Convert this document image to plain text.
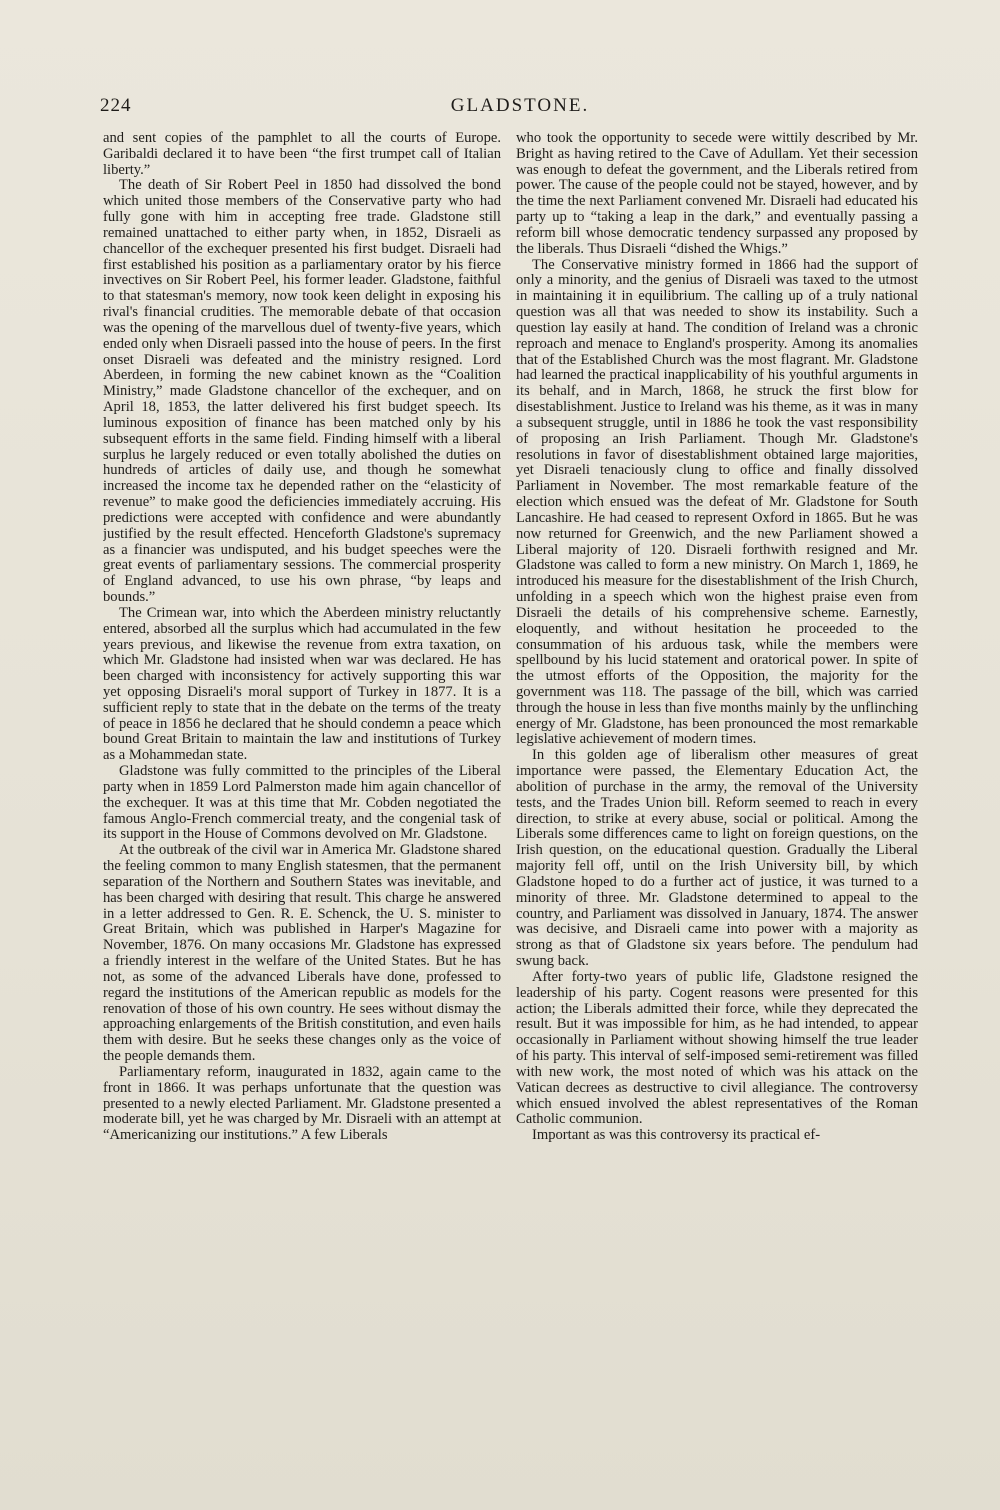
224	GLADSTONE.

and sent copies of the pamphlet to all the courts of Europe. Garibaldi declared it to have been “the first trumpet call of Italian liberty.”

The death of Sir Robert Peel in 1850 had dissolved the bond which united those members of the Conservative party who had fully gone with him in accepting free trade. Gladstone still remained unattached to either party when, in 1852, Disraeli as chancellor of the exchequer presented his first budget. Disraeli had first established his position as a parliamentary orator by his fierce invectives on Sir Robert Peel, his former leader. Gladstone, faithful to that statesman's memory, now took keen delight in exposing his rival's financial crudities. The memorable debate of that occasion was the opening of the marvellous duel of twenty-five years, which ended only when Disraeli passed into the house of peers. In the first onset Disraeli was defeated and the ministry resigned. Lord Aberdeen, in forming the new cabinet known as the “Coalition Ministry,” made Gladstone chancellor of the exchequer, and on April 18, 1853, the latter delivered his first budget speech. Its luminous exposition of finance has been matched only by his subsequent efforts in the same field. Finding himself with a liberal surplus he largely reduced or even totally abolished the duties on hundreds of articles of daily use, and though he somewhat increased the income tax he depended rather on the “elasticity of revenue” to make good the deficiencies immediately accruing. His predictions were accepted with confidence and were abundantly justified by the result effected. Henceforth Gladstone's supremacy as a financier was undisputed, and his budget speeches were the great events of parliamentary sessions. The commercial prosperity of England advanced, to use his own phrase, “by leaps and bounds.”

The Crimean war, into which the Aberdeen ministry reluctantly entered, absorbed all the surplus which had accumulated in the few years previous, and likewise the revenue from extra taxation, on which Mr. Gladstone had insisted when war was declared. He has been charged with inconsistency for actively supporting this war yet opposing Disraeli's moral support of Turkey in 1877. It is a sufficient reply to state that in the debate on the terms of the treaty of peace in 1856 he declared that he should condemn a peace which bound Great Britain to maintain the law and institutions of Turkey as a Mohammedan state.

Gladstone was fully committed to the principles of the Liberal party when in 1859 Lord Palmerston made him again chancellor of the exchequer. It was at this time that Mr. Cobden negotiated the famous Anglo-French commercial treaty, and the congenial task of its support in the House of Commons devolved on Mr. Gladstone.

At the outbreak of the civil war in America Mr. Gladstone shared the feeling common to many English statesmen, that the permanent separation of the Northern and Southern States was inevitable, and has been charged with desiring that result. This charge he answered in a letter addressed to Gen. R. E. Schenck, the U. S. minister to Great Britain, which was published in Harper's Magazine for November, 1876. On many occasions Mr. Gladstone has expressed a friendly interest in the welfare of the United States. But he has not, as some of the advanced Liberals have done, professed to regard the institutions of the American republic as models for the renovation of those of his own country. He sees without dismay the approaching enlargements of the British constitution, and even hails them with desire. But he seeks these changes only as the voice of the people demands them.

Parliamentary reform, inaugurated in 1832, again came to the front in 1866. It was perhaps unfortunate that the question was presented to a newly elected Parliament. Mr. Gladstone presented a moderate bill, yet he was charged by Mr. Disraeli with an attempt at “Americanizing our institutions.” A few Liberals

who took the opportunity to secede were wittily described by Mr. Bright as having retired to the Cave of Adullam. Yet their secession was enough to defeat the government, and the Liberals retired from power. The cause of the people could not be stayed, however, and by the time the next Parliament convened Mr. Disraeli had educated his party up to “taking a leap in the dark,” and eventually passing a reform bill whose democratic tendency surpassed any proposed by the liberals. Thus Disraeli “dished the Whigs.”

The Conservative ministry formed in 1866 had the support of only a minority, and the genius of Disraeli was taxed to the utmost in maintaining it in equilibrium. The calling up of a truly national question was all that was needed to show its instability. Such a question lay easily at hand. The condition of Ireland was a chronic reproach and menace to England's prosperity. Among its anomalies that of the Established Church was the most flagrant. Mr. Gladstone had learned the practical inapplicability of his youthful arguments in its behalf, and in March, 1868, he struck the first blow for disestablishment. Justice to Ireland was his theme, as it was in many a subsequent struggle, until in 1886 he took the vast responsibility of proposing an Irish Parliament. Though Mr. Gladstone's resolutions in favor of disestablishment obtained large majorities, yet Disraeli tenaciously clung to office and finally dissolved Parliament in November. The most remarkable feature of the election which ensued was the defeat of Mr. Gladstone for South Lancashire. He had ceased to represent Oxford in 1865. But he was now returned for Greenwich, and the new Parliament showed a Liberal majority of 120. Disraeli forthwith resigned and Mr. Gladstone was called to form a new ministry. On March 1, 1869, he introduced his measure for the disestablishment of the Irish Church, unfolding in a speech which won the highest praise even from Disraeli the details of his comprehensive scheme. Earnestly, eloquently, and without hesitation he proceeded to the consummation of his arduous task, while the members were spellbound by his lucid statement and oratorical power. In spite of the utmost efforts of the Opposition, the majority for the government was 118. The passage of the bill, which was carried through the house in less than five months mainly by the unflinching energy of Mr. Gladstone, has been pronounced the most remarkable legislative achievement of modern times.

In this golden age of liberalism other measures of great importance were passed, the Elementary Education Act, the abolition of purchase in the army, the removal of the University tests, and the Trades Union bill. Reform seemed to reach in every direction, to strike at every abuse, social or political. Among the Liberals some differences came to light on foreign questions, on the Irish question, on the educational question. Gradually the Liberal majority fell off, until on the Irish University bill, by which Gladstone hoped to do a further act of justice, it was turned to a minority of three. Mr. Gladstone determined to appeal to the country, and Parliament was dissolved in January, 1874. The answer was decisive, and Disraeli came into power with a majority as strong as that of Gladstone six years before. The pendulum had swung back.

After forty-two years of public life, Gladstone resigned the leadership of his party. Cogent reasons were presented for this action; the Liberals admitted their force, while they deprecated the result. But it was impossible for him, as he had intended, to appear occasionally in Parliament without showing himself the true leader of his party. This interval of self-imposed semi-retirement was filled with new work, the most noted of which was his attack on the Vatican decrees as destructive to civil allegiance. The controversy which ensued involved the ablest representatives of the Roman Catholic communion.

Important as was this controversy its practical ef-
